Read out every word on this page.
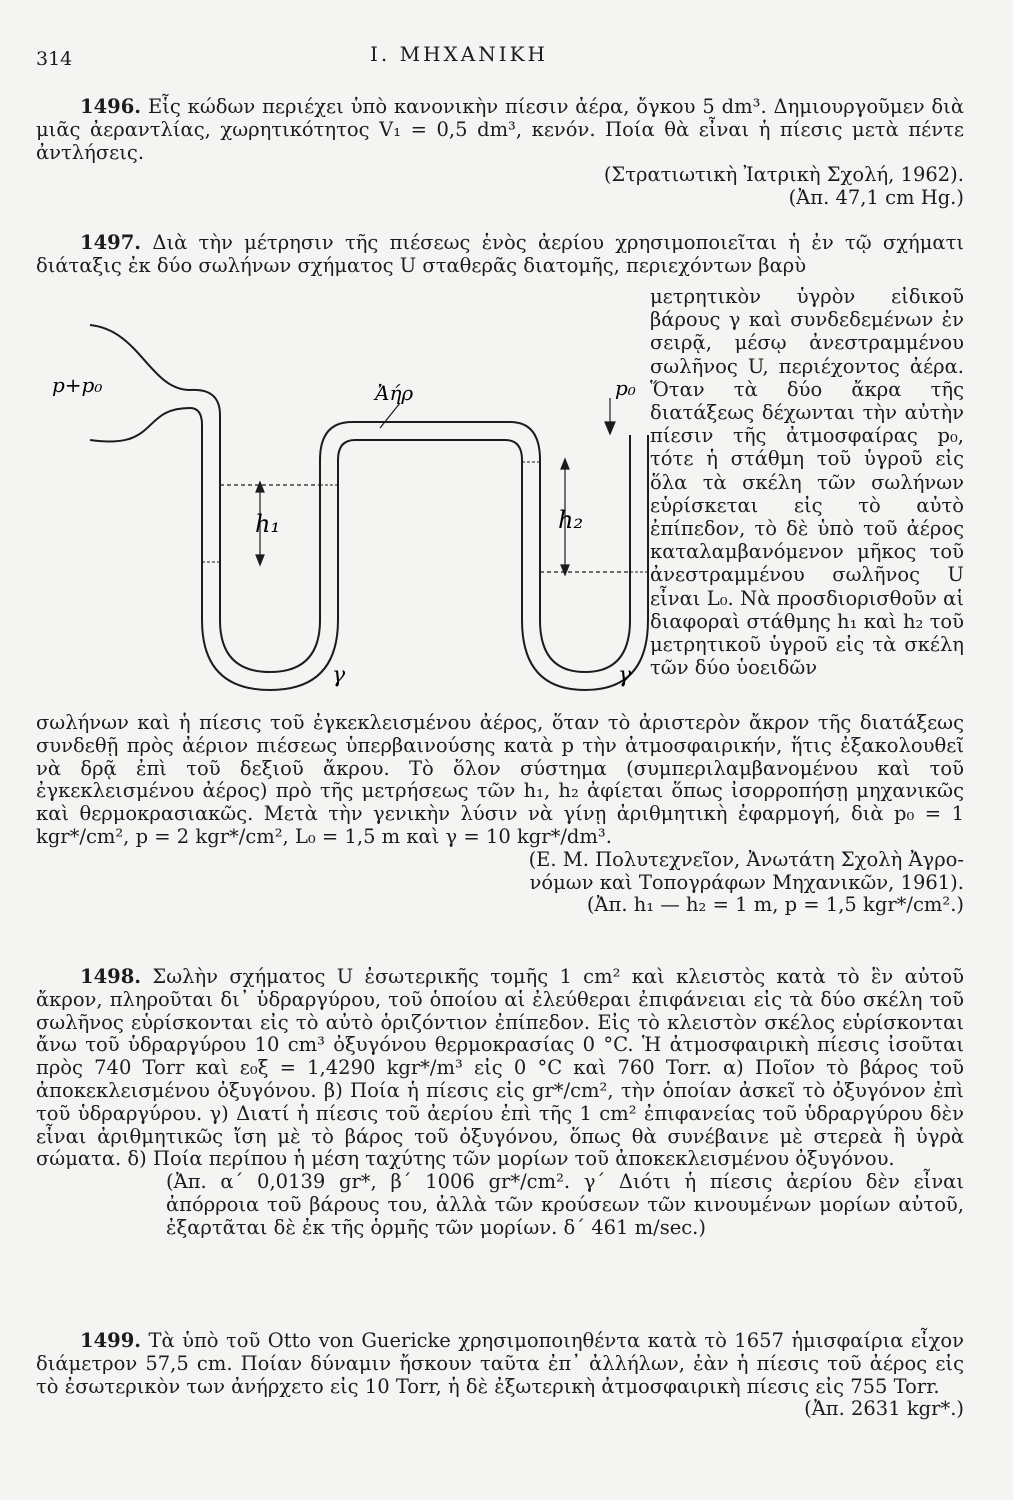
314	I. ΜΗΧΑΝΙΚΗ

1496. Εἷς κώδων περιέχει ὑπὸ κανονικὴν πίεσιν ἀέρα, ὄγκου 5 dm³. Δημιουργοῦμεν διὰ μιᾶς ἀεραντλίας, χωρητικότητος V₁ = 0,5 dm³, κενόν. Ποία θὰ εἶναι ἡ πίεσις μετὰ πέντε ἀντλήσεις.

(Στρατιωτικὴ Ἰατρικὴ Σχολή, 1962).

(Ἀπ. 47,1 cm Hg.)

1497. Διὰ τὴν μέτρησιν τῆς πιέσεως ἑνὸς ἀερίου χρησιμοποιεῖται ἡ ἐν τῷ σχήματι διάταξις ἐκ δύο σωλήνων σχήματος U σταθερᾶς διατομῆς, περιεχόντων βαρὺ

μετρητικὸν ὑγρὸν εἰδικοῦ βάρους γ καὶ συνδεδεμένων ἐν σειρᾷ, μέσῳ ἀνεστραμμένου σωλῆνος U, περιέχοντος ἀέρα. Ὅταν τὰ δύο ἄκρα τῆς διατάξεως δέχωνται τὴν αὐτὴν πίεσιν τῆς ἀτμοσφαίρας p₀, τότε ἡ στάθμη τοῦ ὑγροῦ εἰς ὅλα τὰ σκέλη τῶν σωλήνων εὑρίσκεται εἰς τὸ αὐτὸ ἐπίπεδον, τὸ δὲ ὑπὸ τοῦ ἀέρος καταλαμβανόμενον μῆκος τοῦ ἀνεστραμμένου σωλῆνος U εἶναι L₀. Νὰ προσδιορισθοῦν αἱ διαφοραὶ στάθμης h₁ καὶ h₂ τοῦ μετρητικοῦ ὑγροῦ εἰς τὰ σκέλη τῶν δύο ὑοειδῶν
p+p₀	Ἀήρ	p₀
h₁	h₂
γ	γ

σωλήνων καὶ ἡ πίεσις τοῦ ἐγκεκλεισμένου ἀέρος, ὅταν τὸ ἀριστερὸν ἄκρον τῆς διατάξεως συνδεθῇ πρὸς ἀέριον πιέσεως ὑπερβαινούσης κατὰ p τὴν ἀτμοσφαιρικήν, ἥτις ἐξακολουθεῖ νὰ δρᾷ ἐπὶ τοῦ δεξιοῦ ἄκρου. Τὸ ὅλον σύστημα (συμπεριλαμβανομένου καὶ τοῦ ἐγκεκλεισμένου ἀέρος) πρὸ τῆς μετρήσεως τῶν h₁, h₂ ἀφίεται ὅπως ἰσορροπήσῃ μηχανικῶς καὶ θερμοκρασιακῶς. Μετὰ τὴν γενικὴν λύσιν νὰ γίνῃ ἀριθμητικὴ ἐφαρμογή, διὰ p₀ = 1 kgr*/cm², p = 2 kgr*/cm², L₀ = 1,5 m καὶ γ = 10 kgr*/dm³.

(Ε. Μ. Πολυτεχνεῖον, Ἀνωτάτη Σχολὴ Ἀγρο-

νόμων καὶ Τοπογράφων Μηχανικῶν, 1961).

(Ἀπ. h₁ — h₂ = 1 m, p = 1,5 kgr*/cm².)

1498. Σωλὴν σχήματος U ἐσωτερικῆς τομῆς 1 cm² καὶ κλειστὸς κατὰ τὸ ἓν αὐτοῦ ἄκρον, πληροῦται δι᾽ ὑδραργύρου, τοῦ ὁποίου αἱ ἐλεύθεραι ἐπιφάνειαι εἰς τὰ δύο σκέλη τοῦ σωλῆνος εὑρίσκονται εἰς τὸ αὐτὸ ὁριζόντιον ἐπίπεδον. Εἰς τὸ κλειστὸν σκέλος εὑρίσκονται ἄνω τοῦ ὑδραργύρου 10 cm³ ὀξυγόνου θερμοκρασίας 0 °C. Ἡ ἀτμοσφαιρικὴ πίεσις ἰσοῦται πρὸς 740 Torr καὶ ε₀ξ = 1,4290 kgr*/m³ εἰς 0 °C καὶ 760 Torr. α) Ποῖον τὸ βάρος τοῦ ἀποκεκλεισμένου ὀξυγόνου. β) Ποία ἡ πίεσις εἰς gr*/cm², τὴν ὁποίαν ἀσκεῖ τὸ ὀξυγόνον ἐπὶ τοῦ ὑδραργύρου. γ) Διατί ἡ πίεσις τοῦ ἀερίου ἐπὶ τῆς 1 cm² ἐπιφανείας τοῦ ὑδραργύρου δὲν εἶναι ἀριθμητικῶς ἴση μὲ τὸ βάρος τοῦ ὀξυγόνου, ὅπως θὰ συνέβαινε μὲ στερεὰ ἢ ὑγρὰ σώματα. δ) Ποία περίπου ἡ μέση ταχύτης τῶν μορίων τοῦ ἀποκεκλεισμένου ὀξυγόνου.

(Ἀπ. α΄ 0,0139 gr*, β΄ 1006 gr*/cm². γ΄ Διότι ἡ πίεσις ἀερίου δὲν εἶναι ἀπόρροια τοῦ βάρους του, ἀλλὰ τῶν κρούσεων τῶν κινουμένων μορίων αὐτοῦ, ἐξαρτᾶται δὲ ἐκ τῆς ὁρμῆς τῶν μορίων. δ΄ 461 m/sec.)

1499. Τὰ ὑπὸ τοῦ Otto von Guericke χρησιμοποιηθέντα κατὰ τὸ 1657 ἡμισφαίρια εἶχον διάμετρον 57,5 cm. Ποίαν δύναμιν ἤσκουν ταῦτα ἐπ᾽ ἀλλήλων, ἐὰν ἡ πίεσις τοῦ ἀέρος εἰς τὸ ἐσωτερικὸν των ἀνήρχετο εἰς 10 Torr, ἡ δὲ ἐξωτερικὴ ἀτμοσφαιρικὴ πίεσις εἰς 755 Torr.

(Ἀπ. 2631 kgr*.)
